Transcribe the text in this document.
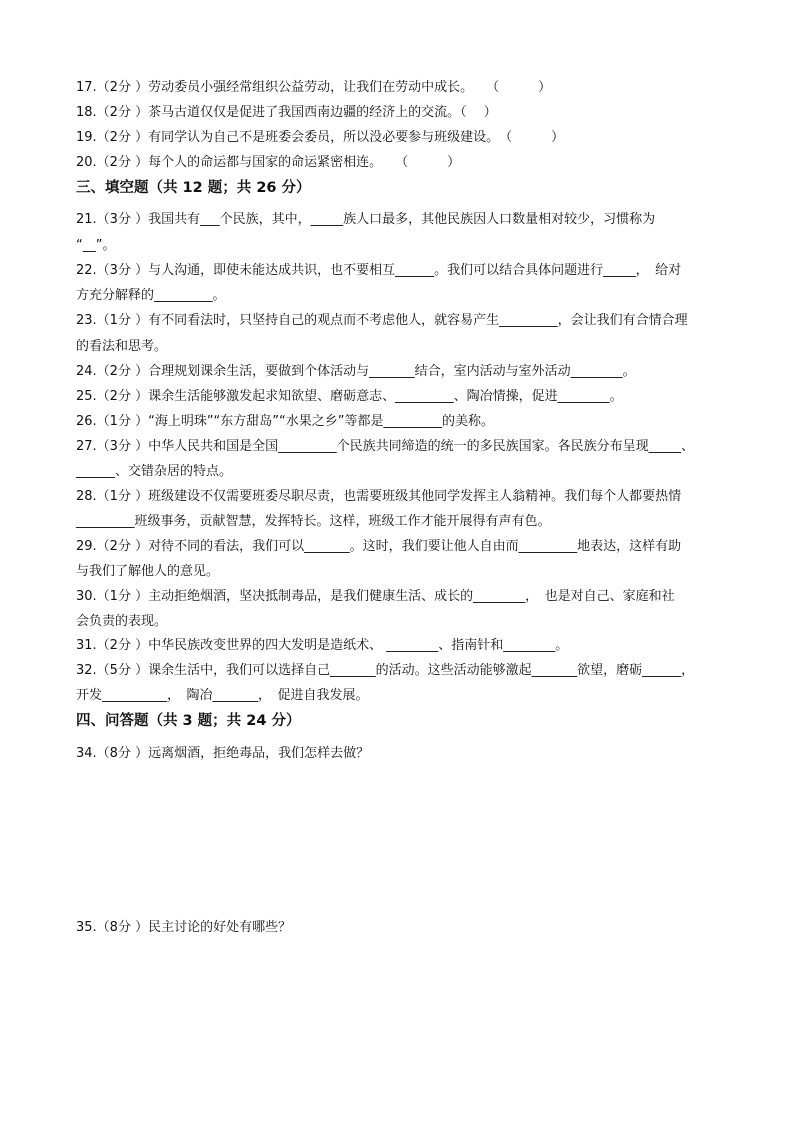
17.（2分 ）劳动委员小强经常组织公益劳动，让我们在劳动中成长。　　（　　　）
18.（2分 ）茶马古道仅仅是促进了我国西南边疆的经济上的交流。（　 ）
19.（2分 ）有同学认为自己不是班委会委员，所以没必要参与班级建设。　（　　　）
20.（2分 ）每个人的命运都与国家的命运紧密相连。　　（　　　）
三、填空题（共 12 题；共 26 分）
21.（3分 ）我国共有___个民族，其中，_____族人口最多，其他民族因人口数量相对较少，习惯称为
“__”。
22.（3分 ）与人沟通，即使未能达成共识，也不要相互______。我们可以结合具体问题进行_____，　给对
方充分解释的_________。
23.（1分 ）有不同看法时，只坚持自己的观点而不考虑他人，就容易产生_________，会让我们有合情合理
的看法和思考。
24.（2分 ）合理规划课余生活，要做到个体活动与_______结合，室内活动与室外活动________。
25.（2分 ）课余生活能够激发起求知欲望、磨砺意志、_________、陶冶情操，促进________。
26.（1分 ）“海上明珠”“东方甜岛”“水果之乡”等都是_________的美称。
27.（3分 ）中华人民共和国是全国_________个民族共同缔造的统一的多民族国家。各民族分布呈现_____、
______、交错杂居的特点。
28.（1分 ）班级建设不仅需要班委尽职尽责，也需要班级其他同学发挥主人翁精神。我们每个人都要热情
_________班级事务，贡献智慧，发挥特长。这样，班级工作才能开展得有声有色。
29.（2分 ）对待不同的看法，我们可以_______。这时，我们要让他人自由而_________地表达，这样有助
与我们了解他人的意见。
30.（1分 ）主动拒绝烟酒，坚决抵制毒品，是我们健康生活、成长的________，　也是对自己、家庭和社
会负责的表现。
31.（2分 ）中华民族改变世界的四大发明是造纸术、 ________、指南针和________。
32.（5分 ）课余生活中，我们可以选择自己_______的活动。这些活动能够激起_______欲望，磨砺______，
开发__________，　陶冶_______，　促进自我发展。
四、问答题（共 3 题；共 24 分）
34.（8分 ）远离烟酒，拒绝毒品，我们怎样去做？
35.（8分 ）民主讨论的好处有哪些？
